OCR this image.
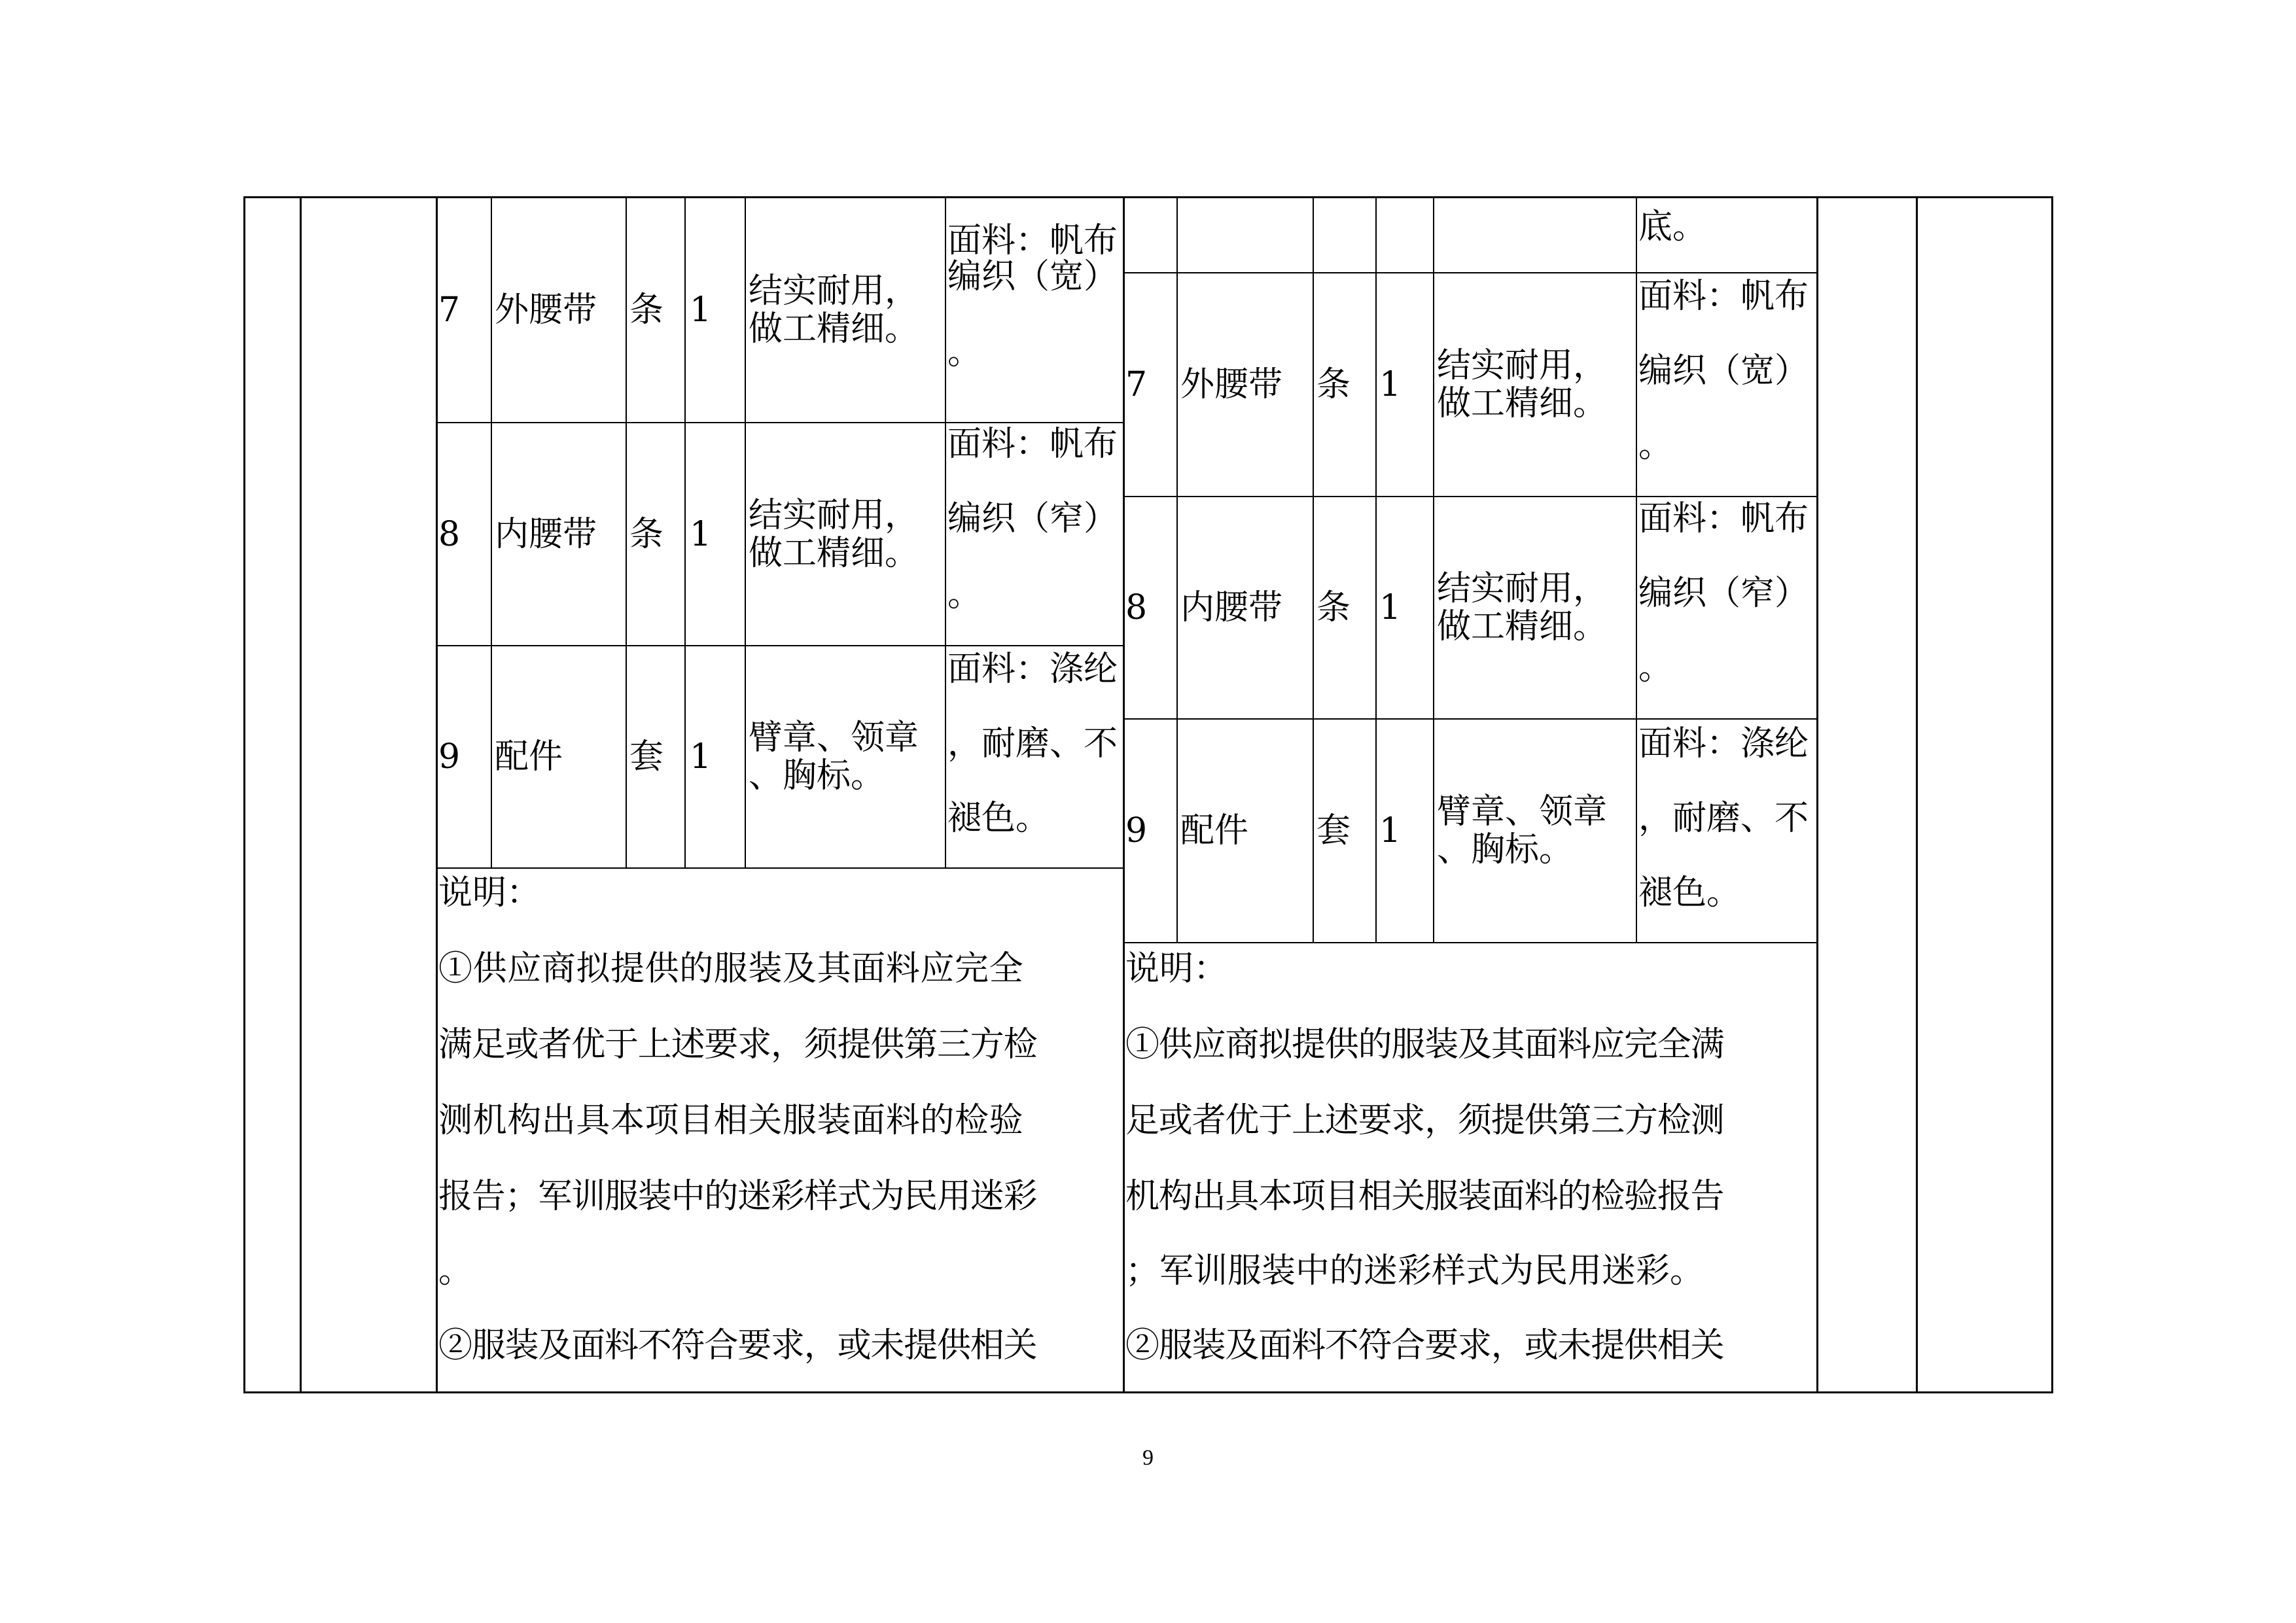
7 外腰带 条 1 结实耐用，
做工精细。
面料：帆布
编织（宽）
。
8 内腰带 条 1 结实耐用，
做工精细。
面料：帆布
编织（窄）
。
9 配件 套 1 臂章、领章
、胸标。
面料：涤纶
，耐磨、不
褪色。
说明：
①供应商拟提供的服装及其面料应完全
满足或者优于上述要求，须提供第三方检
测机构出具本项目相关服装面料的检验
报告；军训服装中的迷彩样式为民用迷彩
。
②服装及面料不符合要求，或未提供相关
底。
7 外腰带 条 1 结实耐用，
做工精细。
面料：帆布
编织（宽）
。
8 内腰带 条 1 结实耐用，
做工精细。
面料：帆布
编织（窄）
。
9 配件 套 1 臂章、领章
、胸标。
面料：涤纶
，耐磨、不
褪色。
说明：
①供应商拟提供的服装及其面料应完全满
足或者优于上述要求，须提供第三方检测
机构出具本项目相关服装面料的检验报告
；军训服装中的迷彩样式为民用迷彩。
②服装及面料不符合要求，或未提供相关
9
